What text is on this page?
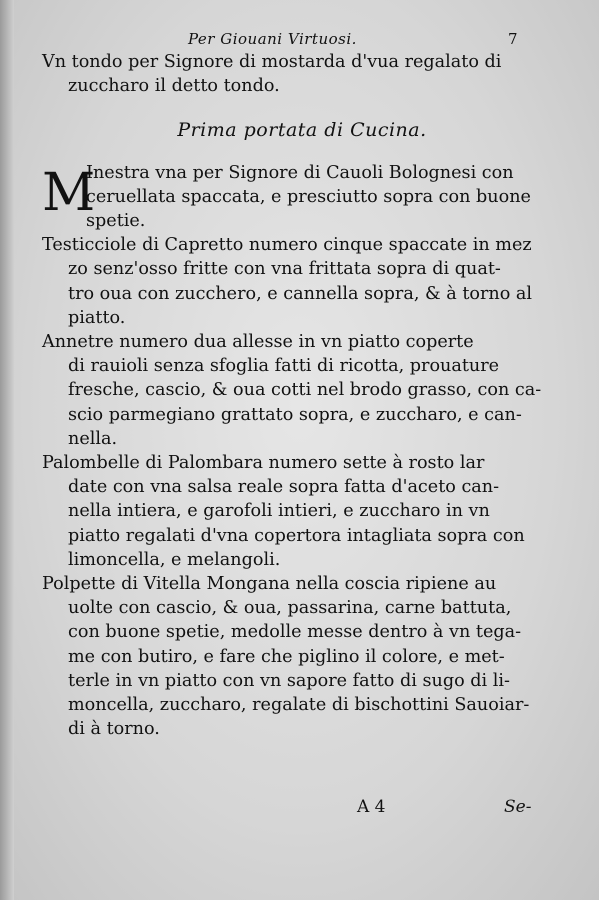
Per Giouani Virtuosi.	7
Vn tondo per Signore di mostarda d'vua regalato di
zuccharo il detto tondo.
Prima portata di Cucina.
M
Inestra vna per Signore di Cauoli Bolognesi con
ceruellata spaccata, e presciutto sopra con buone
spetie.
Testicciole di Capretto numero cinque spaccate in mez
zo senz'osso fritte con vna frittata sopra di quat-
tro oua con zucchero, e cannella sopra, & à torno al
piatto.
Annetre numero dua allesse in vn piatto coperte
di rauioli senza sfoglia fatti di ricotta, prouature
fresche, cascio, & oua cotti nel brodo grasso, con ca-
scio parmegiano grattato sopra, e zuccharo, e can-
nella.
Palombelle di Palombara numero sette à rosto lar
date con vna salsa reale sopra fatta d'aceto can-
nella intiera, e garofoli intieri, e zuccharo in vn
piatto regalati d'vna copertora intagliata sopra con
limoncella, e melangoli.
Polpette di Vitella Mongana nella coscia ripiene au
uolte con cascio, & oua, passarina, carne battuta,
con buone spetie, medolle messe dentro à vn tega-
me con butiro, e fare che piglino il colore, e met-
terle in vn piatto con vn sapore fatto di sugo di li-
moncella, zuccharo, regalate di bischottini Sauoiar-
di à torno.
A 4	Se-
